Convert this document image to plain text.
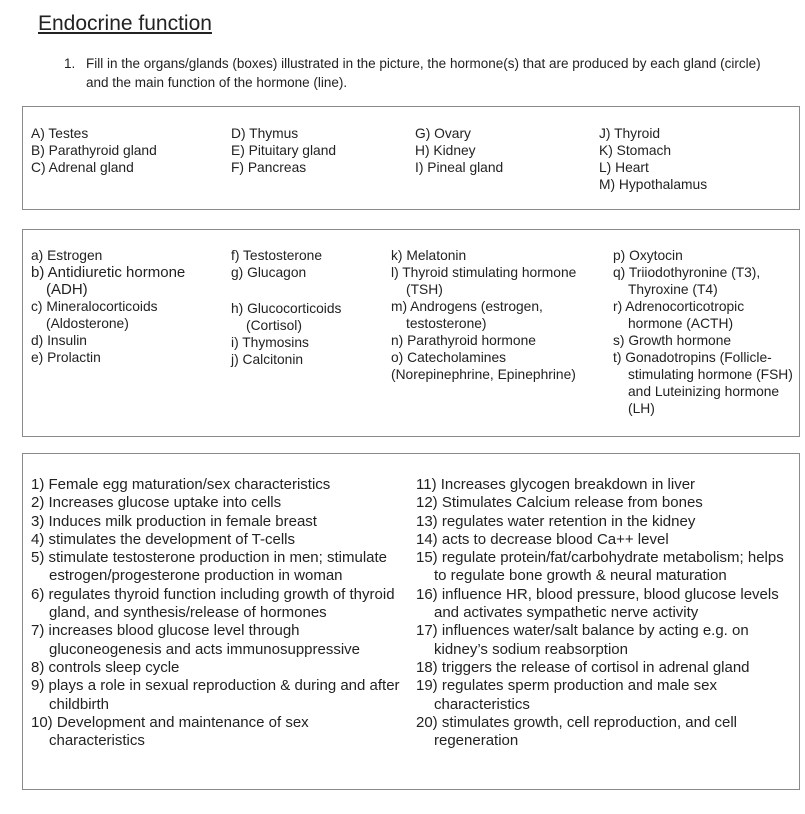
Endocrine function
1. Fill in the organs/glands (boxes) illustrated in the picture, the hormone(s) that are produced by each gland (circle) and the main function of the hormone (line).
A) Testes
B) Parathyroid gland
C) Adrenal gland
D) Thymus
E) Pituitary gland
F) Pancreas
G) Ovary
H) Kidney
I) Pineal gland
J) Thyroid
K) Stomach
L) Heart
M) Hypothalamus
a) Estrogen
b) Antidiuretic hormone (ADH)
c) Mineralocorticoids (Aldosterone)
d) Insulin
e) Prolactin
f) Testosterone
g) Glucagon
h) Glucocorticoids (Cortisol)
i) Thymosins
j) Calcitonin
k) Melatonin
l) Thyroid stimulating hormone (TSH)
m) Androgens (estrogen, testosterone)
n) Parathyroid hormone
o) Catecholamines (Norepinephrine, Epinephrine)
p) Oxytocin
q) Triiodothyronine (T3), Thyroxine (T4)
r) Adrenocorticotropic hormone (ACTH)
s) Growth hormone
t) Gonadotropins (Follicle-stimulating hormone (FSH) and Luteinizing hormone (LH)
1) Female egg maturation/sex characteristics
2) Increases glucose uptake into cells
3) Induces milk production in female breast
4) stimulates the development of T-cells
5) stimulate testosterone production in men; stimulate estrogen/progesterone production in woman
6) regulates thyroid function including growth of thyroid gland, and synthesis/release of hormones
7) increases blood glucose level through gluconeogenesis and acts immunosuppressive
8) controls sleep cycle
9) plays a role in sexual reproduction & during and after childbirth
10) Development and maintenance of sex characteristics
11) Increases glycogen breakdown in liver
12) Stimulates Calcium release from bones
13) regulates water retention in the kidney
14) acts to decrease blood Ca++ level
15) regulate protein/fat/carbohydrate metabolism; helps to regulate bone growth & neural maturation
16) influence HR, blood pressure, blood glucose levels and activates sympathetic nerve activity
17) influences water/salt balance by acting e.g. on kidney’s sodium reabsorption
18) triggers the release of cortisol in adrenal gland
19) regulates sperm production and male sex characteristics
20) stimulates growth, cell reproduction, and cell regeneration
